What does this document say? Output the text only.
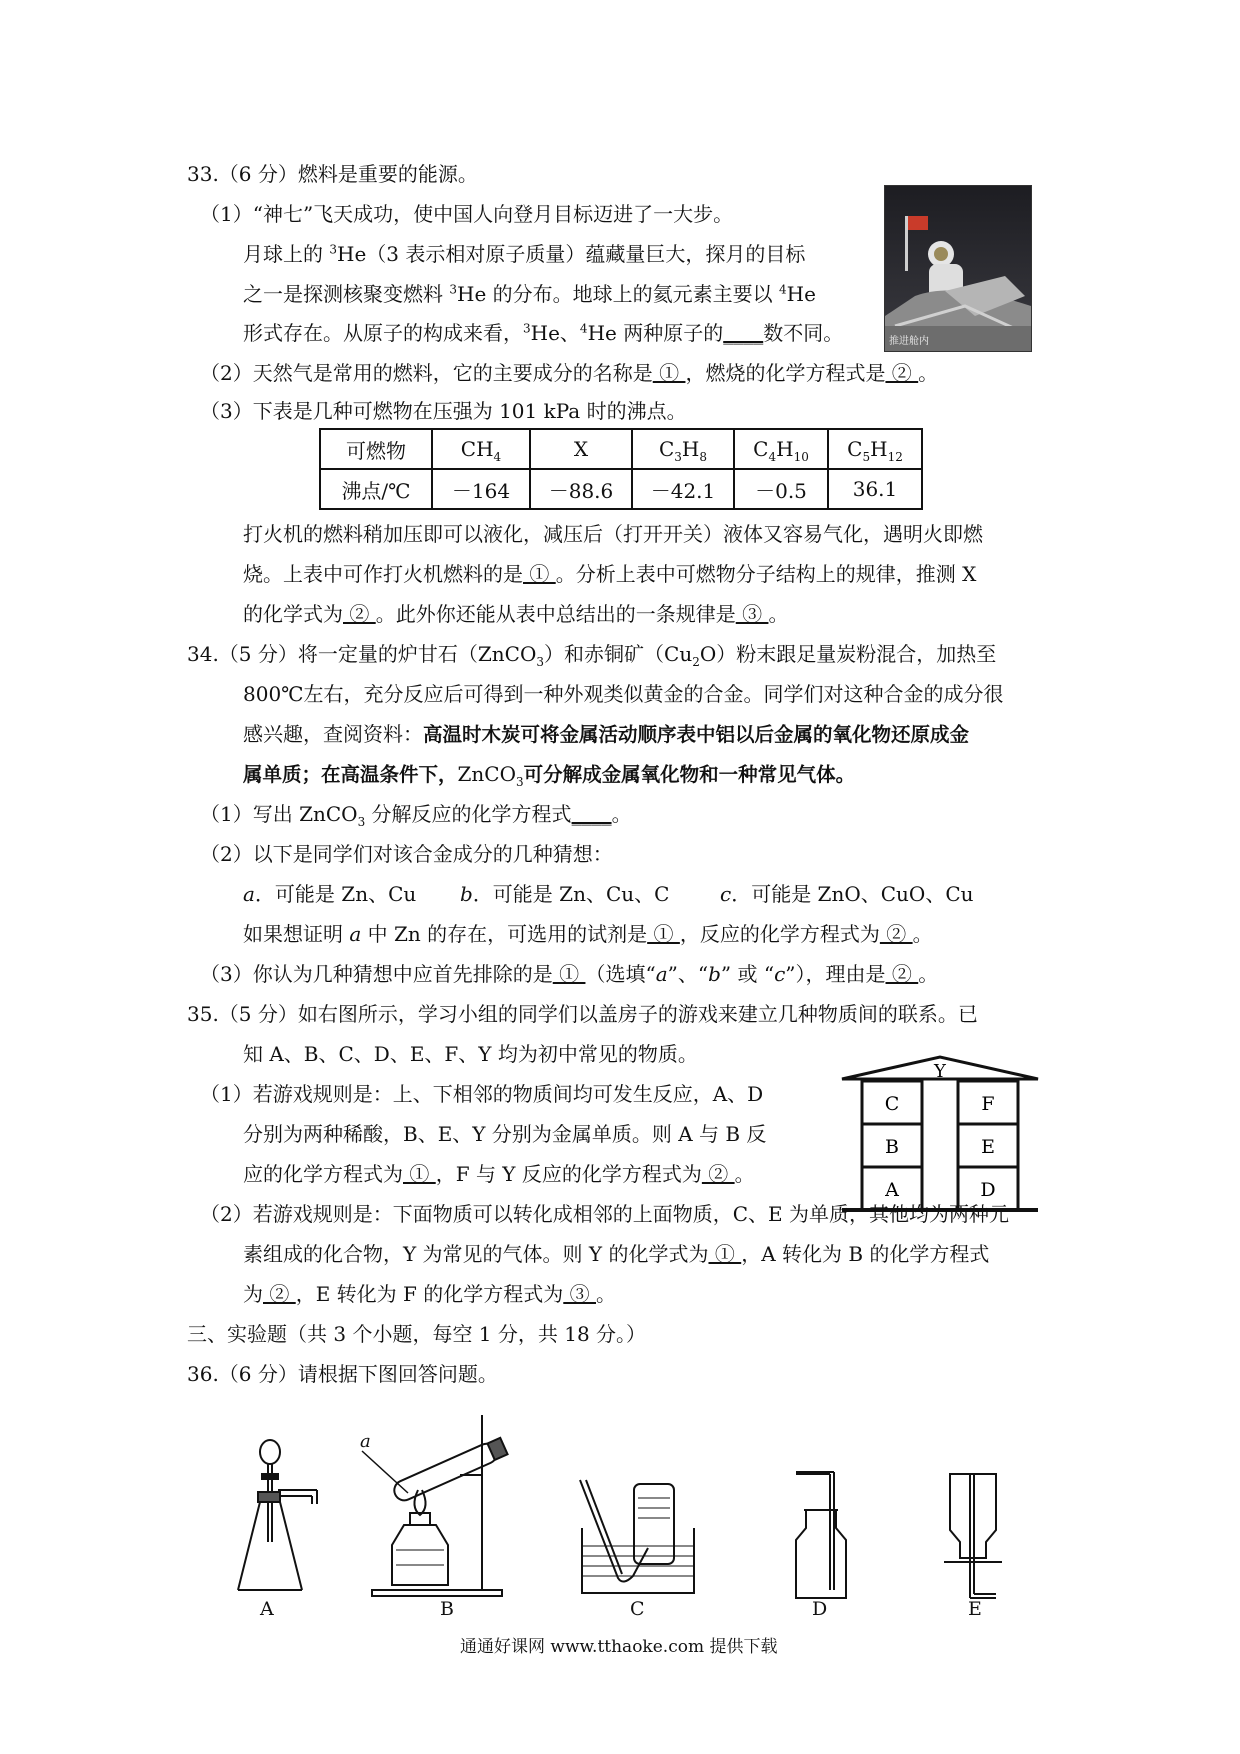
33.（6 分）燃料是重要的能源。
（1）“神七”飞天成功，使中国人向登月目标迈进了一大步。
月球上的 $^3$He（3 表示相对原子质量）蕴藏量巨大，探月的目标
之一是探测核聚变燃料 $^3$He 的分布。地球上的氦元素主要以 $^4$He
形式存在。从原子的构成来看，$^3$He、$^4$He 两种原子的____数不同。	推进舱内
（2）天然气是常用的燃料，它的主要成分的名称是 ① ，燃烧的化学方程式是 ② 。
（3）下表是几种可燃物在压强为 101 kPa 时的沸点。
可燃物	$CH_4$	X	$C_3H_8$	$C_4H_{10}$	$C_5H_{12}$
沸点/℃	－164	－88.6	－42.1	－0.5	36.1
打火机的燃料稍加压即可以液化，减压后（打开开关）液体又容易气化，遇明火即燃
烧。上表中可作打火机燃料的是 ① 。分析上表中可燃物分子结构上的规律，推测 X
的化学式为 ② 。此外你还能从表中总结出的一条规律是 ③ 。
34.（5 分）将一定量的炉甘石（ZnCO$_3$）和赤铜矿$(Cu_2O)$粉末跟足量炭粉混合，加热至
800℃左右，充分反应后可得到一种外观类似黄金的合金。同学们对这种合金的成分很
感兴趣，查阅资料：高温时木炭可将金属活动顺序表中铝以后金属的氧化物还原成金
属单质；在高温条件下，ZnCO$_3$可分解成金属氧化物和一种常见气体。
（1）写出 ZnCO$_3$ 分解反应的化学方程式____。
（2）以下是同学们对该合金成分的几种猜想：
a．可能是 Zn、Cu b．可能是 Zn、Cu、C	c．可能是 ZnO、CuO、Cu
如果想证明 a 中 Zn 的存在，可选用的试剂是 ① ，反应的化学方程式为 ② 。
（3）你认为几种猜想中应首先排除的是 ① （选填“a”、“b” 或 “c”），理由是 ② 。
35.（5 分）如右图所示，学习小组的同学们以盖房子的游戏来建立几种物质间的联系。已
知 A、B、C、D、E、F、Y 均为初中常见的物质。
（1）若游戏规则是：上、下相邻的物质间均可发生反应，A、D
分别为两种稀酸，B、E、Y 分别为金属单质。则 A 与 B 反
应的化学方程式为 ① ，F 与 Y 反应的化学方程式为 ② 。
Y
C
B
A
F
E
D
（2）若游戏规则是：下面物质可以转化成相邻的上面物质，C、E 为单质，其他均为两种元
素组成的化合物，Y 为常见的气体。则 Y 的化学式为 ① ，A 转化为 B 的化学方程式
为 ② ，E 转化为 F 的化学方程式为 ③ 。
三、实验题（共 3 个小题，每空 1 分，共 18 分。）
36.（6 分）请根据下图回答问题。
a
A	B	C	D	E
通通好课网 www.tthaoke.com 提供下载
